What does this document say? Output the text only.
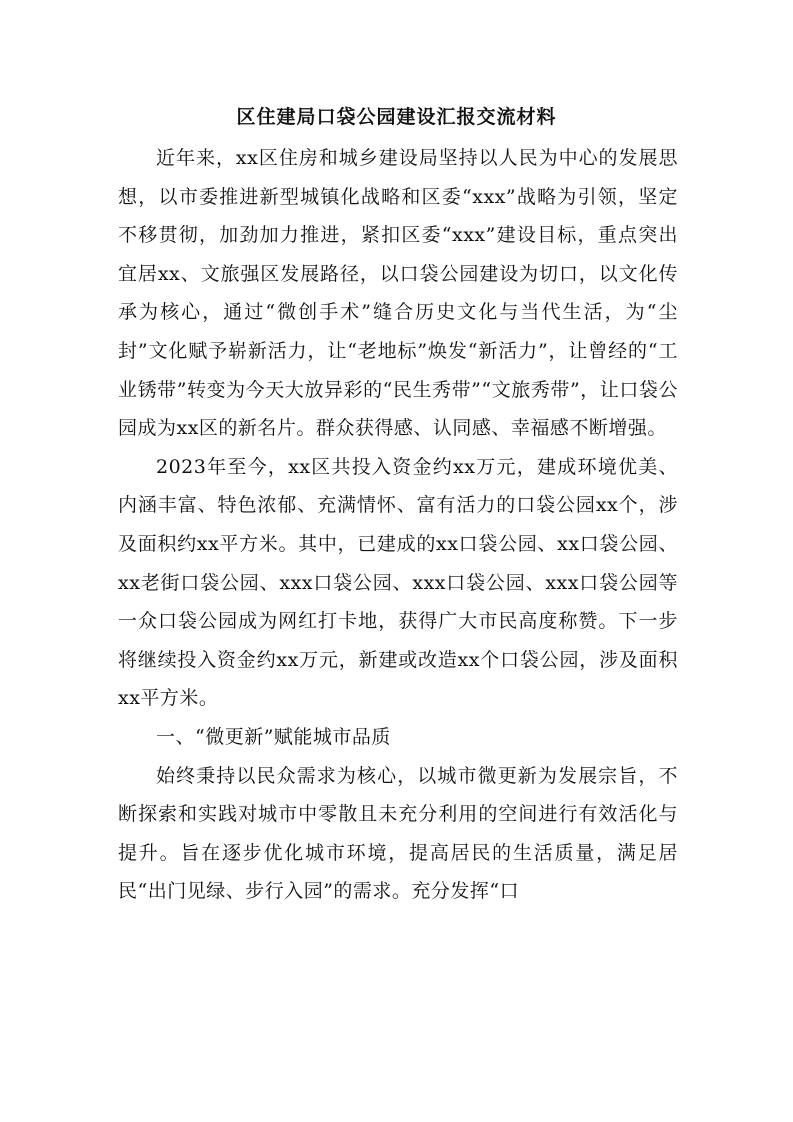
区住建局口袋公园建设汇报交流材料

近年来，xx区住房和城乡建设局坚持以人民为中心的发展思想，以市委推进新型城镇化战略和区委“xxx”战略为引领，坚定不移贯彻，加劲加力推进，紧扣区委“xxx”建设目标，重点突出宜居xx、文旅强区发展路径，以口袋公园建设为切口，以文化传承为核心，通过“微创手术”缝合历史文化与当代生活，为“尘封”文化赋予崭新活力，让“老地标”焕发“新活力”，让曾经的“工业锈带”转变为今天大放异彩的“民生秀带”“文旅秀带”，让口袋公园成为xx区的新名片。群众获得感、认同感、幸福感不断增强。

2023年至今，xx区共投入资金约xx万元，建成环境优美、内涵丰富、特色浓郁、充满情怀、富有活力的口袋公园xx个，涉及面积约xx平方米。其中，已建成的xx口袋公园、xx口袋公园、xx老街口袋公园、xxx口袋公园、xxx口袋公园、xxx口袋公园等一众口袋公园成为网红打卡地，获得广大市民高度称赞。下一步将继续投入资金约xx万元，新建或改造xx个口袋公园，涉及面积xx平方米。

一、“微更新”赋能城市品质

始终秉持以民众需求为核心，以城市微更新为发展宗旨，不断探索和实践对城市中零散且未充分利用的空间进行有效活化与提升。旨在逐步优化城市环境，提高居民的生活质量，满足居民“出门见绿、步行入园”的需求。充分发挥“口
